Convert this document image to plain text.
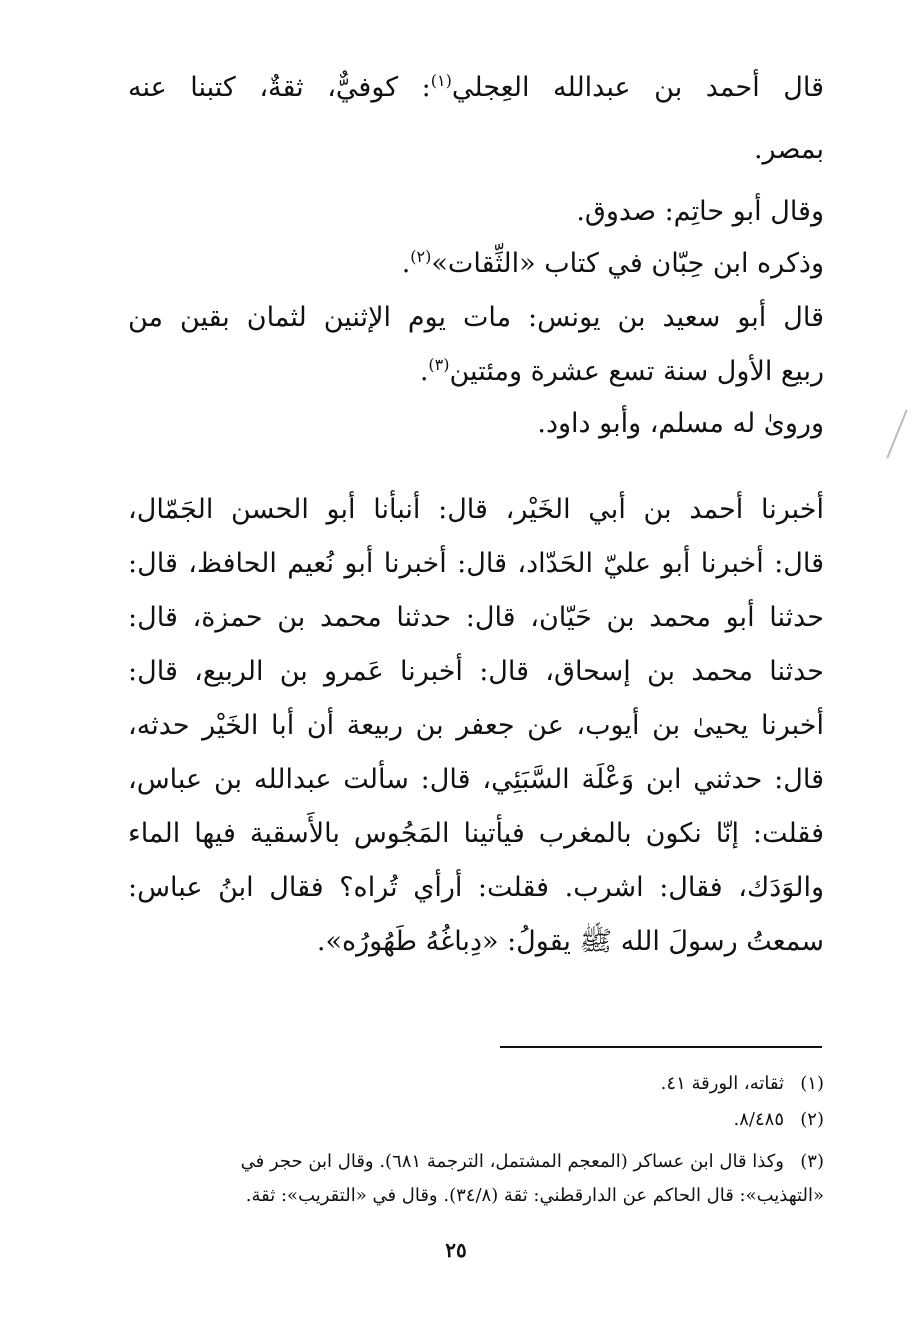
قال أحمد بن عبدالله العِجلي$^{(١)}$: كوفيٌّ، ثقةٌ، كتبنا عنه
بمصر.
وقال أبو حاتِم: صدوق.
وذكره ابن حِبّان في كتاب «الثِّقات»$^{(٢)}$.
قال أبو سعيد بن يونس: مات يوم الإثنين لثمان بقين من
ربيع الأول سنة تسع عشرة ومئتين$^{(٣)}$.
وروىٰ له مسلم، وأبو داود.
أخبرنا أحمد بن أبي الخَيْر، قال: أنبأنا أبو الحسن الجَمّال،
قال: أخبرنا أبو عليّ الحَدّاد، قال: أخبرنا أبو نُعيم الحافظ، قال:
حدثنا أبو محمد بن حَيّان، قال: حدثنا محمد بن حمزة، قال:
حدثنا محمد بن إسحاق، قال: أخبرنا عَمرو بن الربيع، قال:
أخبرنا يحيىٰ بن أيوب، عن جعفر بن ربيعة أن أبا الخَيْر حدثه،
قال: حدثني ابن وَعْلَة السَّبَئِي، قال: سألت عبدالله بن عباس،
فقلت: إنّا نكون بالمغرب فيأتينا المَجُوس بالأَسقية فيها الماء
والوَدَك، فقال: اشرب. فقلت: أرأي تُراه؟ فقال ابنُ عباس:
سمعتُ رسولَ الله ﷺ يقولُ: «دِباغُهُ طَهُورُه».
(١)ثقاته، الورقة ٤١.
(٢)٨/٤٨٥.
(٣)وكذا قال ابن عساكر (المعجم المشتمل، الترجمة ٦٨١). وقال ابن حجر في
«التهذيب»: قال الحاكم عن الدارقطني: ثقة (٣٤/٨). وقال في «التقريب»: ثقة.
٢٥
